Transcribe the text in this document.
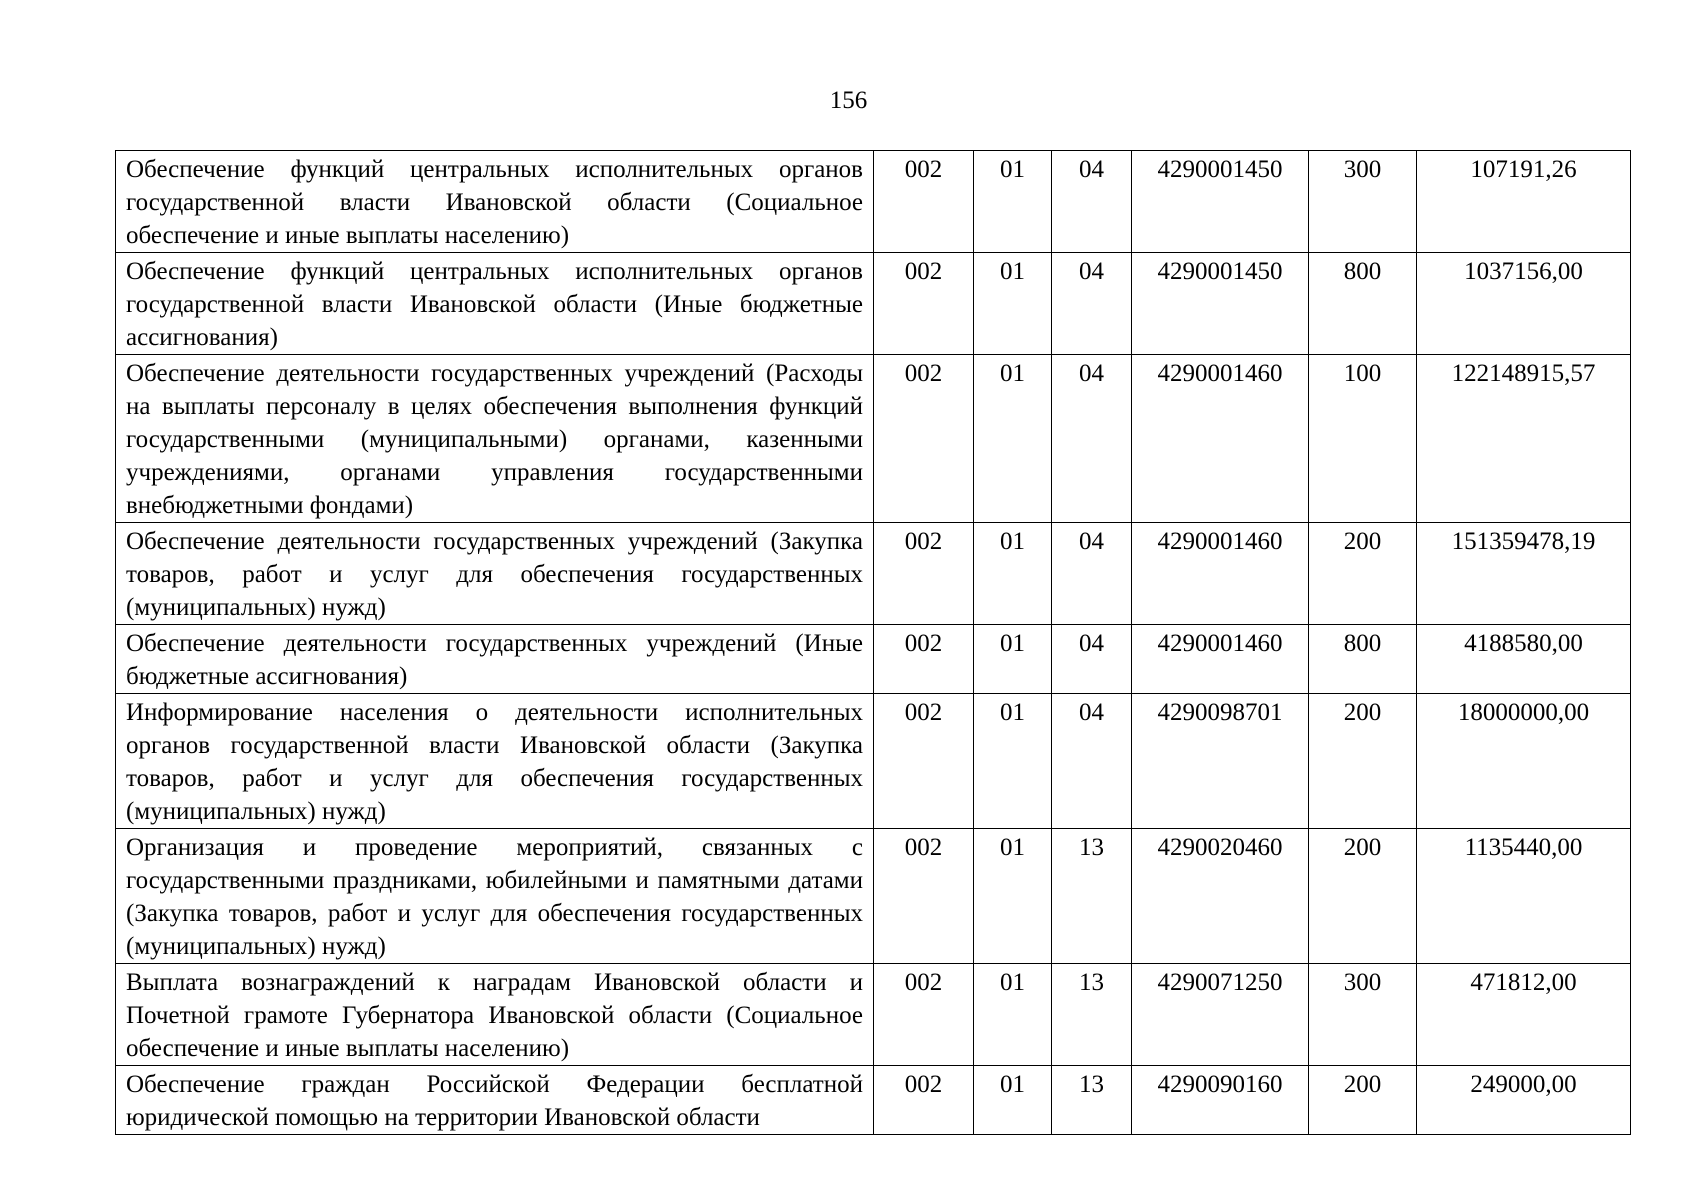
156
Обеспечение функций центральных исполнительных органов государственной власти Ивановской области (Социальное обеспечение и иные выплаты населению)	002	01	04	4290001450	300	107191,26
Обеспечение функций центральных исполнительных органов государственной власти Ивановской области (Иные бюджетные ассигнования)	002	01	04	4290001450	800	1037156,00
Обеспечение деятельности государственных учреждений (Расходы на выплаты персоналу в целях обеспечения выполнения функций государственными (муниципальными) органами, казенными учреждениями, органами управления государственными внебюджетными фондами)	002	01	04	4290001460	100	122148915,57
Обеспечение деятельности государственных учреждений (Закупка товаров, работ и услуг для обеспечения государственных (муниципальных) нужд)	002	01	04	4290001460	200	151359478,19
Обеспечение деятельности государственных учреждений (Иные бюджетные ассигнования)	002	01	04	4290001460	800	4188580,00
Информирование населения о деятельности исполнительных органов государственной власти Ивановской области (Закупка товаров, работ и услуг для обеспечения государственных (муниципальных) нужд)	002	01	04	4290098701	200	18000000,00
Организация и проведение мероприятий, связанных с государственными праздниками, юбилейными и памятными датами (Закупка товаров, работ и услуг для обеспечения государственных (муниципальных) нужд)	002	01	13	4290020460	200	1135440,00
Выплата вознаграждений к наградам Ивановской области и Почетной грамоте Губернатора Ивановской области (Социальное обеспечение и иные выплаты населению)	002	01	13	4290071250	300	471812,00
Обеспечение граждан Российской Федерации бесплатной юридической помощью на территории Ивановской области	002	01	13	4290090160	200	249000,00
